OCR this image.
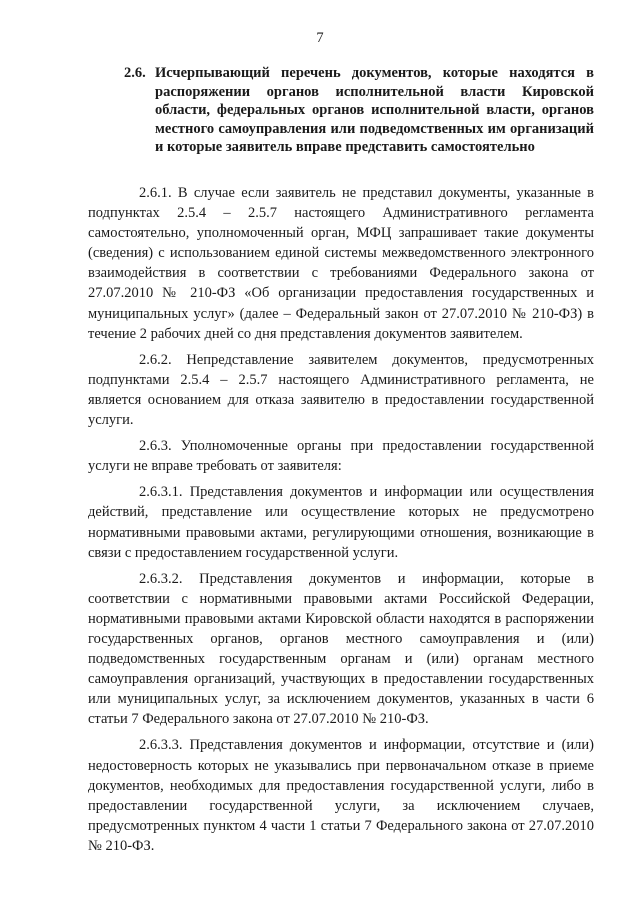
7
2.6. Исчерпывающий перечень документов, которые находятся в распоряжении органов исполнительной власти Кировской области, федеральных органов исполнительной власти, органов местного самоуправления или подведомственных им организаций и которые заявитель вправе представить самостоятельно

2.6.1. В случае если заявитель не представил документы, указанные в подпунктах 2.5.4 – 2.5.7 настоящего Административного регламента самостоятельно, уполномоченный орган, МФЦ запрашивает такие документы (сведения) с использованием единой системы межведомственного электронного взаимодействия в соответствии с требованиями Федерального закона от 27.07.2010 № 210-ФЗ «Об организации предоставления государственных и муниципальных услуг» (далее – Федеральный закон от 27.07.2010 № 210-ФЗ) в течение 2 рабочих дней со дня представления документов заявителем.

2.6.2. Непредставление заявителем документов, предусмотренных подпунктами 2.5.4 – 2.5.7 настоящего Административного регламента, не является основанием для отказа заявителю в предоставлении государственной услуги.

2.6.3. Уполномоченные органы при предоставлении государственной услуги не вправе требовать от заявителя:

2.6.3.1. Представления документов и информации или осуществления действий, представление или осуществление которых не предусмотрено нормативными правовыми актами, регулирующими отношения, возникающие в связи с предоставлением государственной услуги.

2.6.3.2. Представления документов и информации, которые в соответствии с нормативными правовыми актами Российской Федерации, нормативными правовыми актами Кировской области находятся в распоряжении государственных органов, органов местного самоуправления и (или) подведомственных государственным органам и (или) органам местного самоуправления организаций, участвующих в предоставлении государственных или муниципальных услуг, за исключением документов, указанных в части 6 статьи 7 Федерального закона от 27.07.2010 № 210-ФЗ.

2.6.3.3. Представления документов и информации, отсутствие и (или) недостоверность которых не указывались при первоначальном отказе в приеме документов, необходимых для предоставления государственной услуги, либо в предоставлении государственной услуги, за исключением случаев, предусмотренных пунктом 4 части 1 статьи 7 Федерального закона от 27.07.2010 № 210-ФЗ.
